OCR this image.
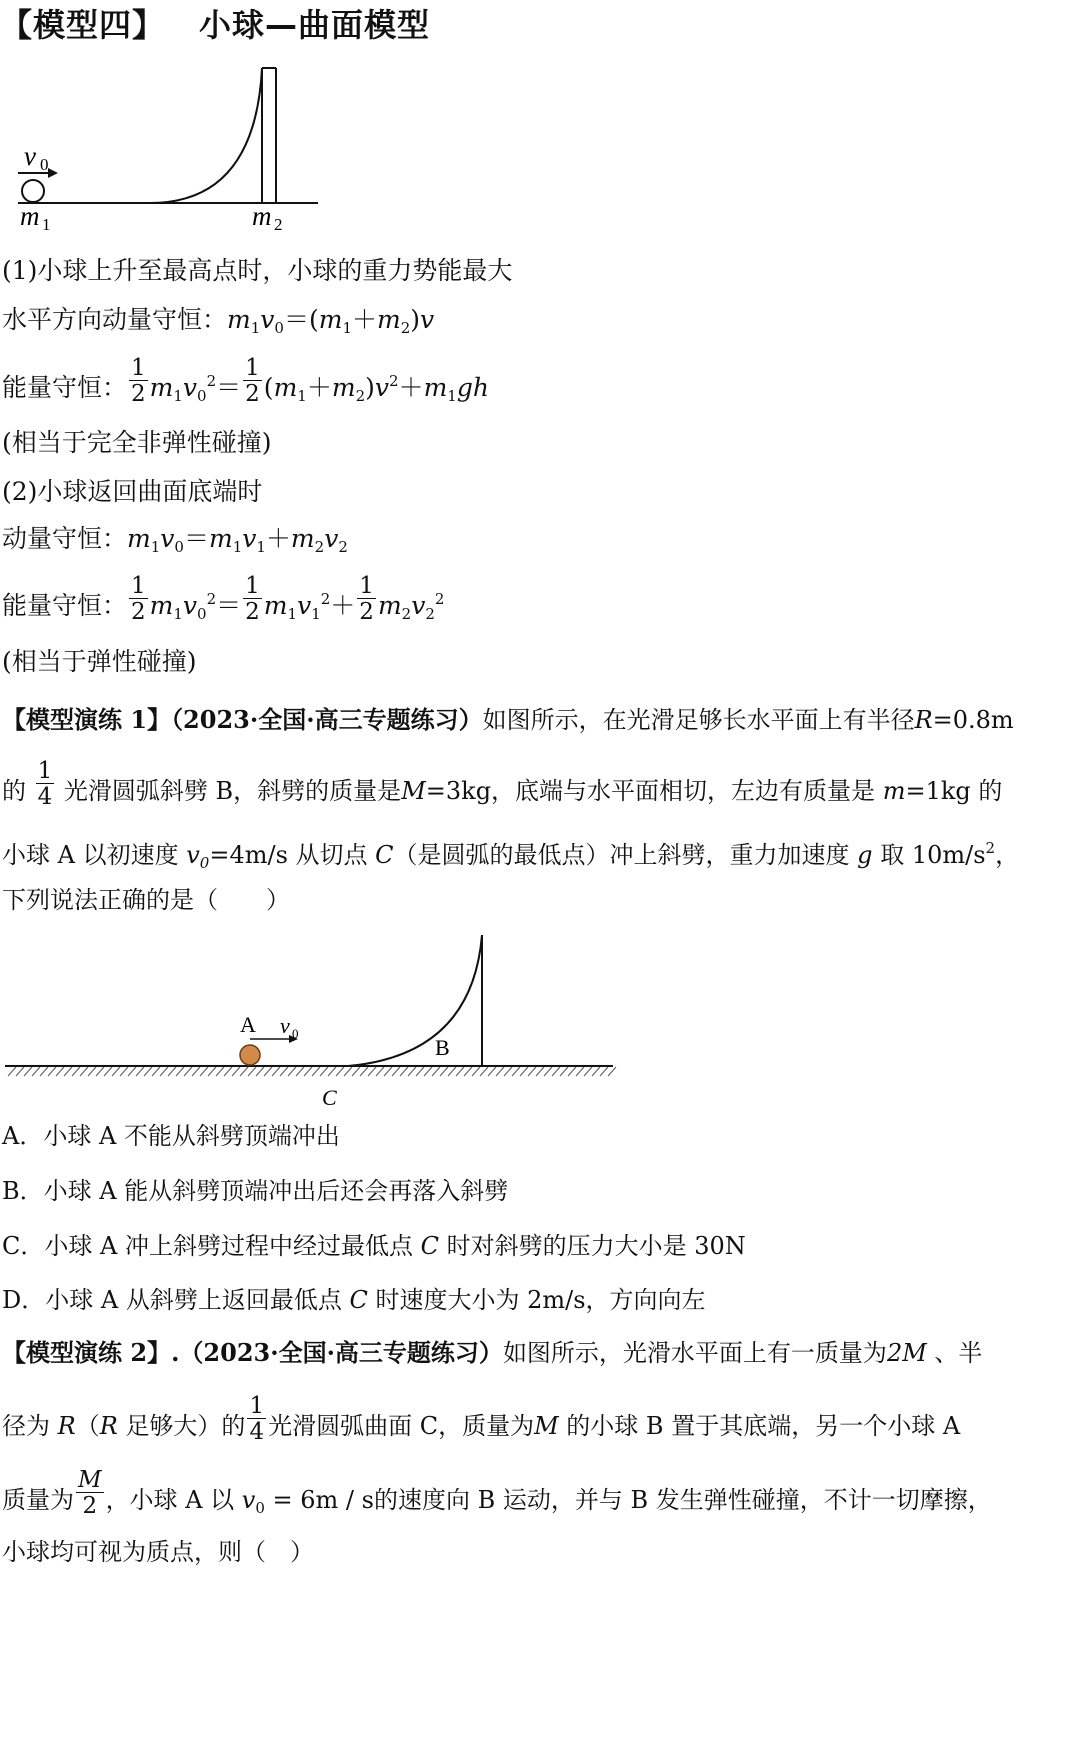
【模型四】 小球—曲面模型
v 0
m 1	m 2
(1)小球上升至最高点时，小球的重力势能最大
水平方向动量守恒：$m_1v_0=(m_1+m_2)v$
能量守恒： $\frac{1}{2} m_1v_0^2= \frac{1}{2} (m_1+m_2)v^2+m_1gh$
(相当于完全非弹性碰撞)
(2)小球返回曲面底端时
动量守恒：$m_1v_0=m_1v_1+m_2v_2$
能量守恒： $\frac{1}{2} m_1v_0^2= \frac{1}{2} m_1v_1^2+ \frac{1}{2} m_2v_2^2$
(相当于弹性碰撞)
【模型演练 1】（2023·全国·高三专题练习）如图所示，在光滑足够长水平面上有半径R=0.8m
的 $\frac{1}{4}$ 光滑圆弧斜劈 B，斜劈的质量是M=3kg，底端与水平面相切，左边有质量是 m=1kg 的
小球 A 以初速度 $v_0=4m/s$ 从切点 C（是圆弧的最低点）冲上斜劈，重力加速度 g 取 $10m/s^2$，
下列说法正确的是（　　）
A v 0
B
C
A．小球 A 不能从斜劈顶端冲出
B．小球 A 能从斜劈顶端冲出后还会再落入斜劈
C．小球 A 冲上斜劈过程中经过最低点 C 时对斜劈的压力大小是 30N
D．小球 A 从斜劈上返回最低点 C 时速度大小为 2m/s，方向向左
【模型演练 2】.（2023·全国·高三专题练习）如图所示，光滑水平面上有一质量为2M 、半
径为 R（R 足够大）的 $\frac{1}{4}$ 光滑圆弧曲面 C，质量为M 的小球 B 置于其底端，另一个小球 A
质量为 $\frac{M}{2}$ ，小球 A 以 $v_0 = 6m / s$的速度向 B 运动，并与 B 发生弹性碰撞，不计一切摩擦，
小球均可视为质点，则（　）
